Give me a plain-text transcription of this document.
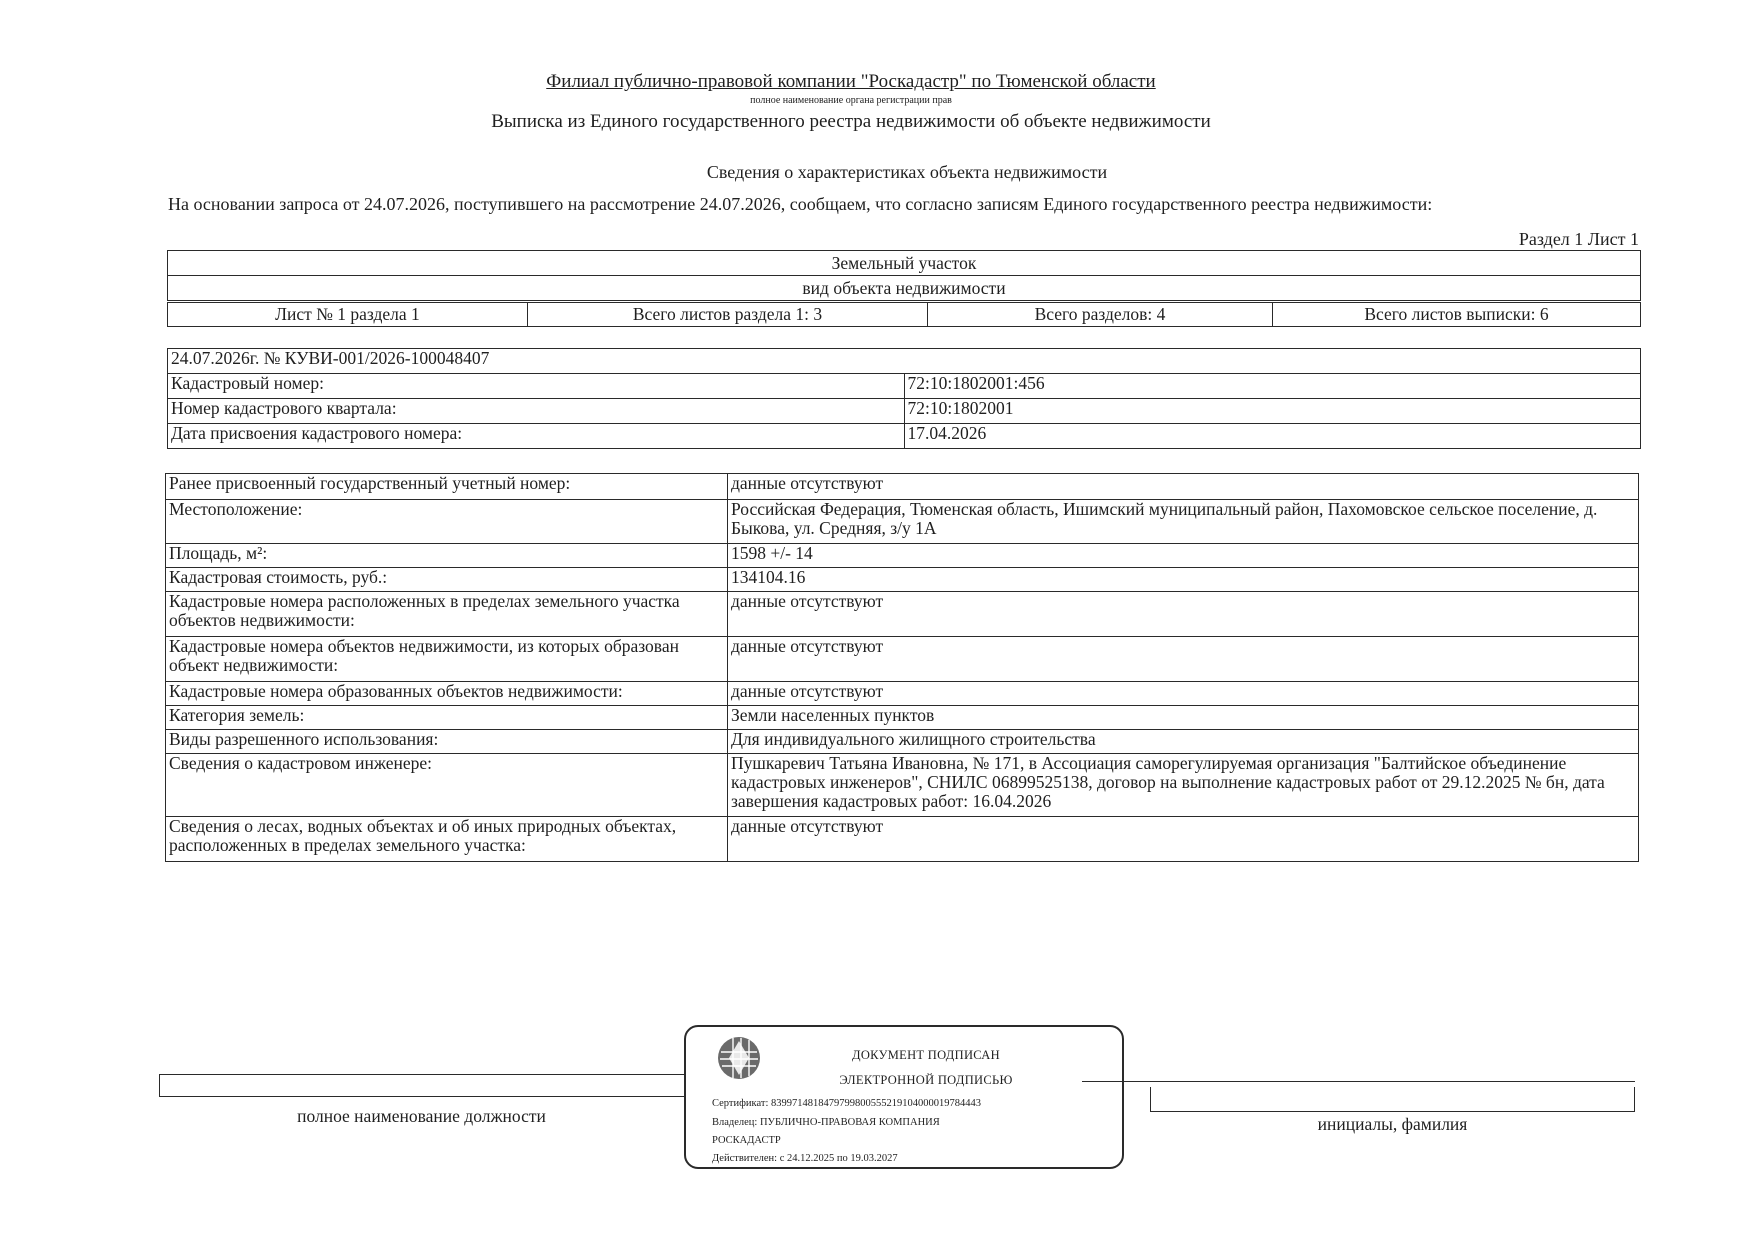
Филиал публично-правовой компании "Роскадастр" по Тюменской области
полное наименование органа регистрации прав
Выписка из Единого государственного реестра недвижимости об объекте недвижимости
Сведения о характеристиках объекта недвижимости
На основании запроса от 24.07.2026, поступившего на рассмотрение 24.07.2026, сообщаем, что согласно записям Единого государственного реестра недвижимости:
Раздел 1 Лист 1
Земельный участок
вид объекта недвижимости
Лист № 1 раздела 1	Всего листов раздела 1: 3	Всего разделов: 4	Всего листов выписки: 6
24.07.2026г. № КУВИ-001/2026-100048407	
Кадастровый номер:	72:10:1802001:456
Номер кадастрового квартала:	72:10:1802001
Дата присвоения кадастрового номера:	17.04.2026
Ранее присвоенный государственный учетный номер:	данные отсутствуют
Местоположение:	Российская Федерация, Тюменская область, Ишимский муниципальный район, Пахомовское сельское поселение, д. Быкова, ул. Средняя, з/у 1А
Площадь, м²:	1598 +/- 14
Кадастровая стоимость, руб.:	134104.16
Кадастровые номера расположенных в пределах земельного участка объектов недвижимости:	данные отсутствуют
Кадастровые номера объектов недвижимости, из которых образован объект недвижимости:	данные отсутствуют
Кадастровые номера образованных объектов недвижимости:	данные отсутствуют
Категория земель:	Земли населенных пунктов
Виды разрешенного использования:	Для индивидуального жилищного строительства
Сведения о кадастровом инженере:	Пушкаревич Татьяна Ивановна, № 171, в Ассоциация саморегулируемая организация "Балтийское объединение кадастровых инженеров", СНИЛС 06899525138, договор на выполнение кадастровых работ от 29.12.2025 № бн, дата завершения кадастровых работ: 16.04.2026
Сведения о лесах, водных объектах и об иных природных объектах, расположенных в пределах земельного участка:	данные отсутствуют
полное наименование должности	инициалы, фамилия
ДОКУМЕНТ ПОДПИСАН
ЭЛЕКТРОННОЙ ПОДПИСЬЮ
Сертификат: 8399714818479799800555219104000019784443
Владелец: ПУБЛИЧНО-ПРАВОВАЯ КОМПАНИЯ
РОСКАДАСТР
Действителен: с 24.12.2025 по 19.03.2027
